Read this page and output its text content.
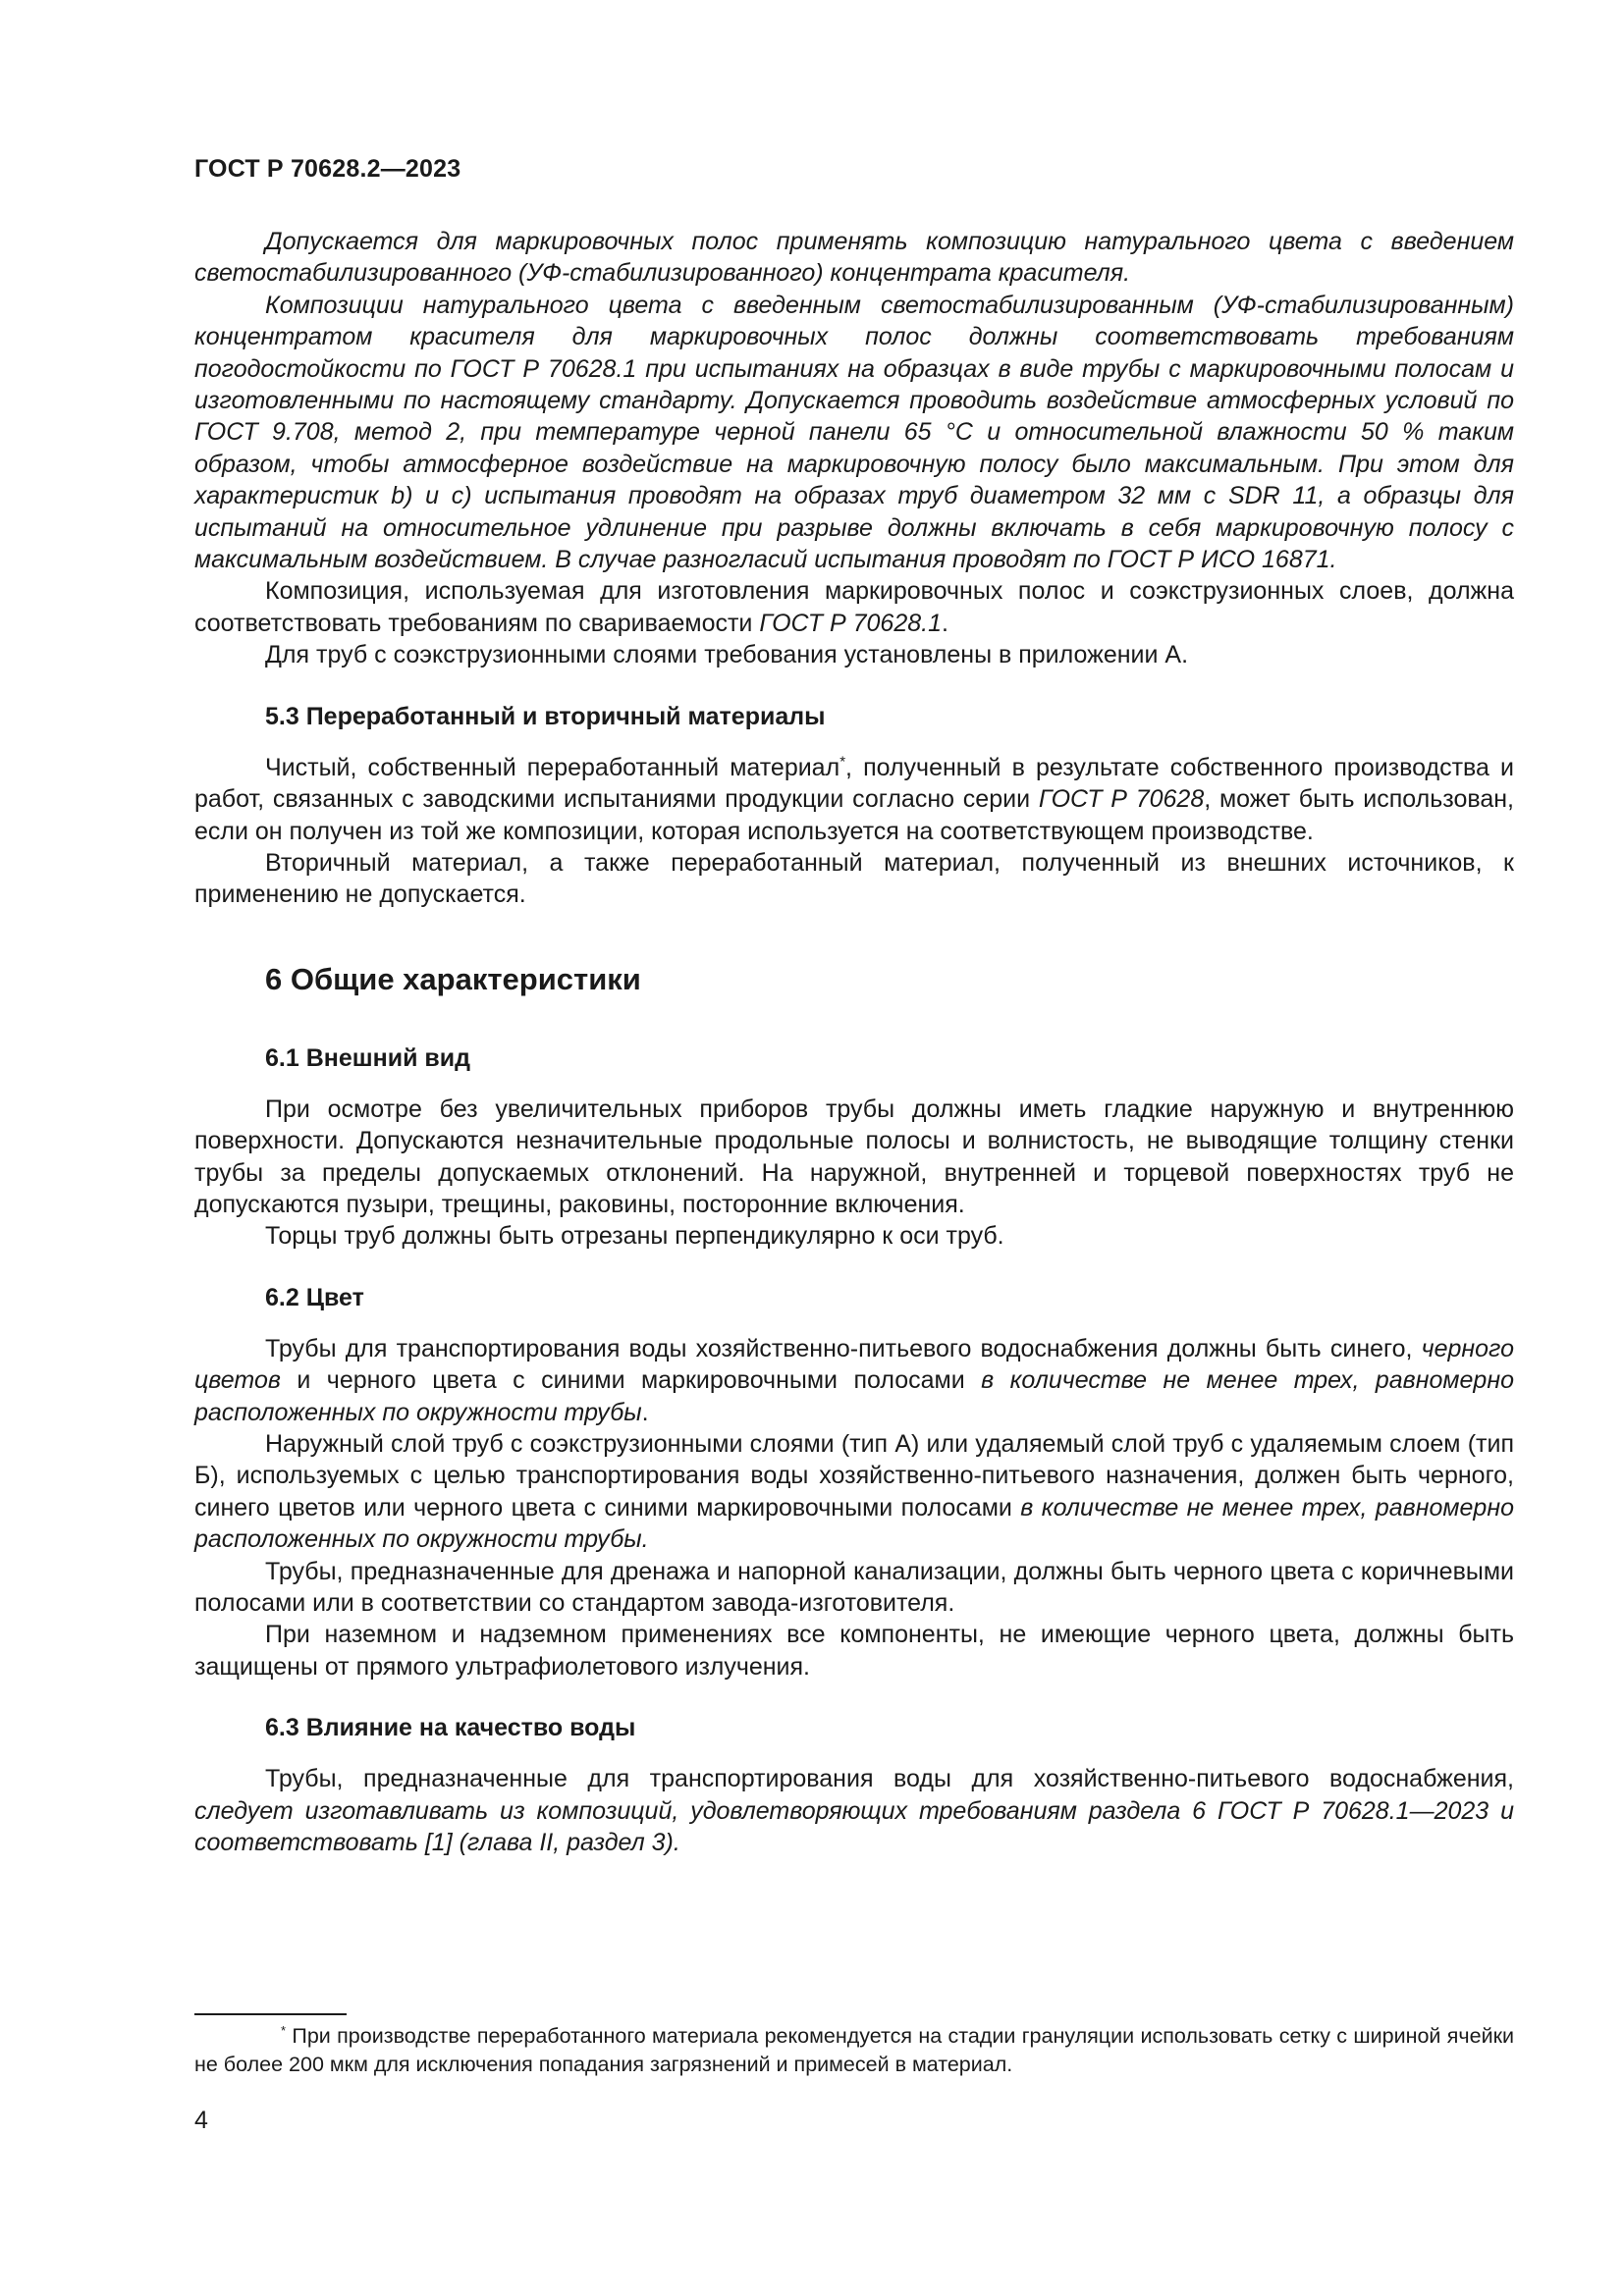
ГОСТ Р 70628.2—2023

Допускается для маркировочных полос применять композицию натурального цвета с введением светостабилизированного (УФ-стабилизированного) концентрата красителя.

Композиции натурального цвета с введенным светостабилизированным (УФ-стабилизированным) концентратом красителя для маркировочных полос должны соответствовать требованиям погодостойкости по ГОСТ Р 70628.1 при испытаниях на образцах в виде трубы с маркировочными полосам и изготовленными по настоящему стандарту. Допускается проводить воздействие атмосферных условий по ГОСТ 9.708, метод 2, при температуре черной панели 65 °С и относительной влажности 50 % таким образом, чтобы атмосферное воздействие на маркировочную полосу было максимальным. При этом для характеристик b) и с) испытания проводят на образах труб диаметром 32 мм с SDR 11, а образцы для испытаний на относительное удлинение при разрыве должны включать в себя маркировочную полосу с максимальным воздействием. В случае разногласий испытания проводят по ГОСТ Р ИСО 16871.

Композиция, используемая для изготовления маркировочных полос и соэкструзионных слоев, должна соответствовать требованиям по свариваемости ГОСТ Р 70628.1.

Для труб с соэкструзионными слоями требования установлены в приложении А.

5.3 Переработанный и вторичный материалы

Чистый, собственный переработанный материал*, полученный в результате собственного производства и работ, связанных с заводскими испытаниями продукции согласно серии ГОСТ Р 70628, может быть использован, если он получен из той же композиции, которая используется на соответствующем производстве.

Вторичный материал, а также переработанный материал, полученный из внешних источников, к применению не допускается.

6 Общие характеристики
6.1 Внешний вид

При осмотре без увеличительных приборов трубы должны иметь гладкие наружную и внутреннюю поверхности. Допускаются незначительные продольные полосы и волнистость, не выводящие толщину стенки трубы за пределы допускаемых отклонений. На наружной, внутренней и торцевой поверхностях труб не допускаются пузыри, трещины, раковины, посторонние включения.

Торцы труб должны быть отрезаны перпендикулярно к оси труб.

6.2 Цвет

Трубы для транспортирования воды хозяйственно-питьевого водоснабжения должны быть синего, черного цветов и черного цвета с синими маркировочными полосами в количестве не менее трех, равномерно расположенных по окружности трубы.

Наружный слой труб с соэкструзионными слоями (тип А) или удаляемый слой труб с удаляемым слоем (тип Б), используемых с целью транспортирования воды хозяйственно-питьевого назначения, должен быть черного, синего цветов или черного цвета с синими маркировочными полосами в количестве не менее трех, равномерно расположенных по окружности трубы.

Трубы, предназначенные для дренажа и напорной канализации, должны быть черного цвета с коричневыми полосами или в соответствии со стандартом завода-изготовителя.

При наземном и надземном применениях все компоненты, не имеющие черного цвета, должны быть защищены от прямого ультрафиолетового излучения.

6.3 Влияние на качество воды

Трубы, предназначенные для транспортирования воды для хозяйственно-питьевого водоснабжения, следует изготавливать из композиций, удовлетворяющих требованиям раздела 6 ГОСТ Р 70628.1—2023 и соответствовать [1] (глава II, раздел 3).

* При производстве переработанного материала рекомендуется на стадии грануляции использовать сетку с шириной ячейки не более 200 мкм для исключения попадания загрязнений и примесей в материал.

4
